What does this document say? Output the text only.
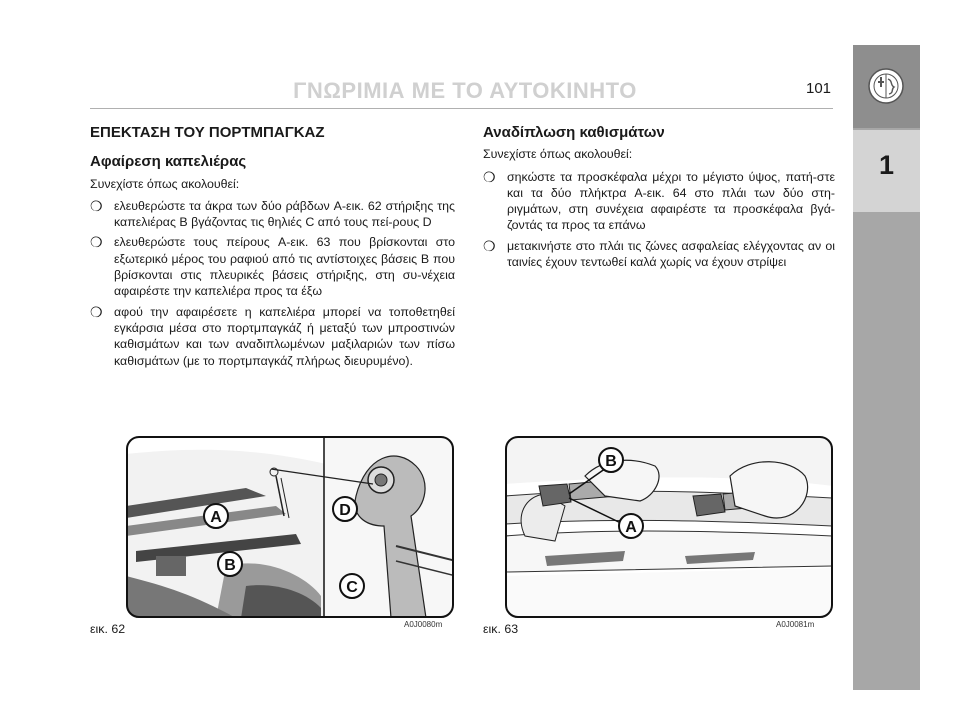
ΓΝΩΡΙΜΙΑ ΜΕ ΤΟ ΑΥΤΟΚΙΝΗΤΟ	101
1
ΕΠΕΚΤΑΣΗ ΤΟΥ ΠΟΡΤΜΠΑΓΚΑΖ
Αφαίρεση καπελιέρας
Συνεχίστε όπως ακολουθεί:
❍ ελευθερώστε τα άκρα των δύο ράβδων A-εικ. 62 στήριξης της καπελιέρας B βγάζοντας τις θηλιές C από τους πεί-ρους D
❍ ελευθερώστε τους πείρους A-εικ. 63 που βρίσκονται στο εξωτερικό μέρος του ραφιού από τις αντίστοιχες βάσεις B που βρίσκονται στις πλευρικές βάσεις στήριξης, στη συ-νέχεια αφαιρέστε την καπελιέρα προς τα έξω
❍ αφού την αφαιρέσετε η καπελιέρα μπορεί να τοποθετηθεί εγκάρσια μέσα στο πορτμπαγκάζ ή μεταξύ των μπροστινών καθισμάτων και των αναδιπλωμένων μαξιλαριών των πίσω καθισμάτων (με το πορτμπαγκάζ πλήρως διευρυμένο).
Αναδίπλωση καθισμάτων
Συνεχίστε όπως ακολουθεί:
❍ σηκώστε τα προσκέφαλα μέχρι το μέγιστο ύψος, πατή-στε και τα δύο πλήκτρα A-εικ. 64 στο πλάι των δύο στη-ριγμάτων, στη συνέχεια αφαιρέστε τα προσκέφαλα βγά-ζοντάς τα προς τα επάνω
❍ μετακινήστε στο πλάι τις ζώνες ασφαλείας ελέγχοντας αν οι ταινίες έχουν τεντωθεί καλά χωρίς να έχουν στρίψει
A
B
D
C
εικ. 62	A0J0080m
B
A
εικ. 63	A0J0081m
